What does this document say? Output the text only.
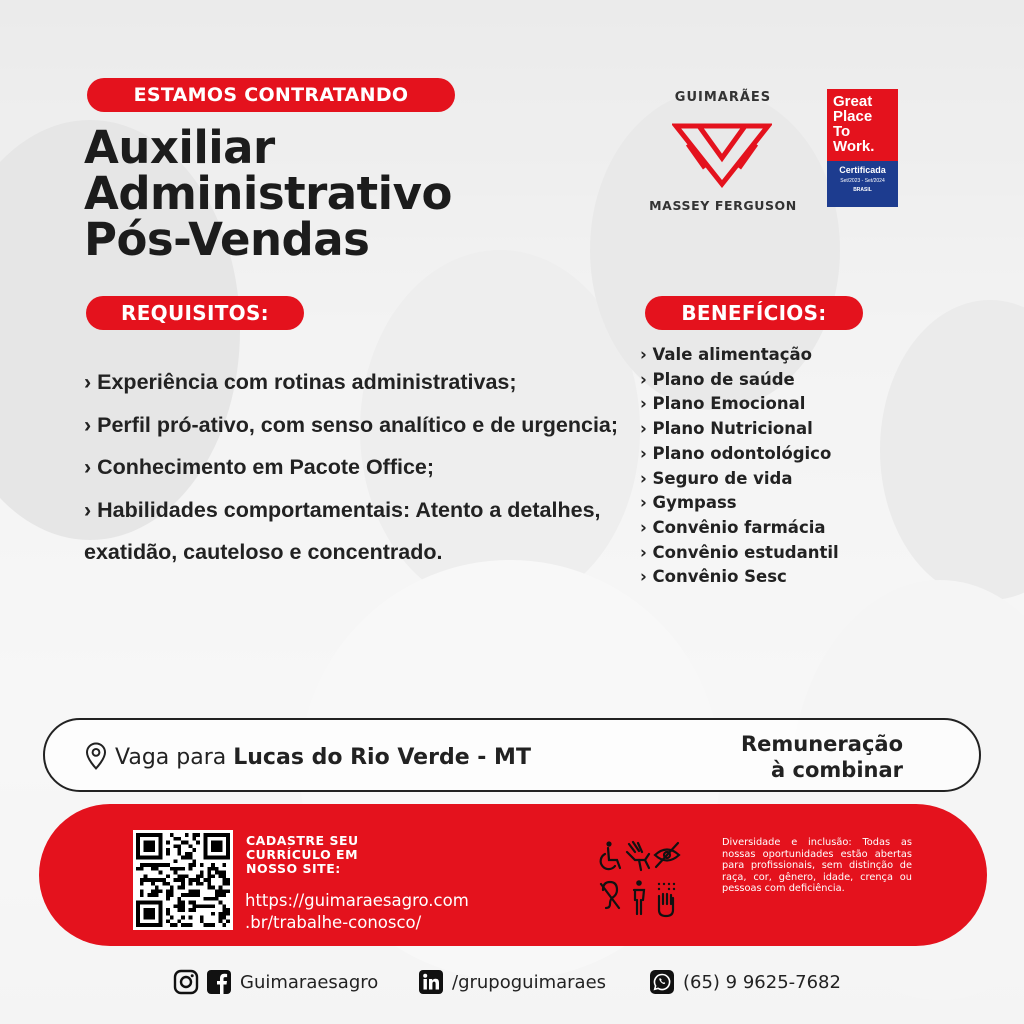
ESTAMOS CONTRATANDO
Auxiliar
Administrativo
Pós-Vendas
GUIMARÃES
MASSEY FERGUSON
Great
Place
To
Work.
Certificada
Set/2023 - Set/2024
BRASIL
REQUISITOS:	BENEFÍCIOS:
› Experiência com rotinas administrativas;
› Perfil pró-ativo, com senso analítico e de urgencia;
› Conhecimento em Pacote Office;
› Habilidades comportamentais: Atento a detalhes, exatidão, cauteloso e concentrado.
› Vale alimentação
› Plano de saúde
› Plano Emocional
› Plano Nutricional
› Plano odontológico
› Seguro de vida
› Gympass
› Convênio farmácia
› Convênio estudantil
› Convênio Sesc
Vaga para Lucas do Rio Verde - MT
Remuneração
à combinar
CADASTRE SEU
CURRÍCULO EM
NOSSO SITE:
https://guimaraesagro.com
.br/trabalhe-conosco/
Diversidade e inclusão: Todas as nossas oportunidades estão abertas para profissionais, sem distinção de raça, cor, gênero, idade, crença ou pessoas com deficiência.
Guimaraesagro	/grupoguimaraes	(65) 9 9625-7682
